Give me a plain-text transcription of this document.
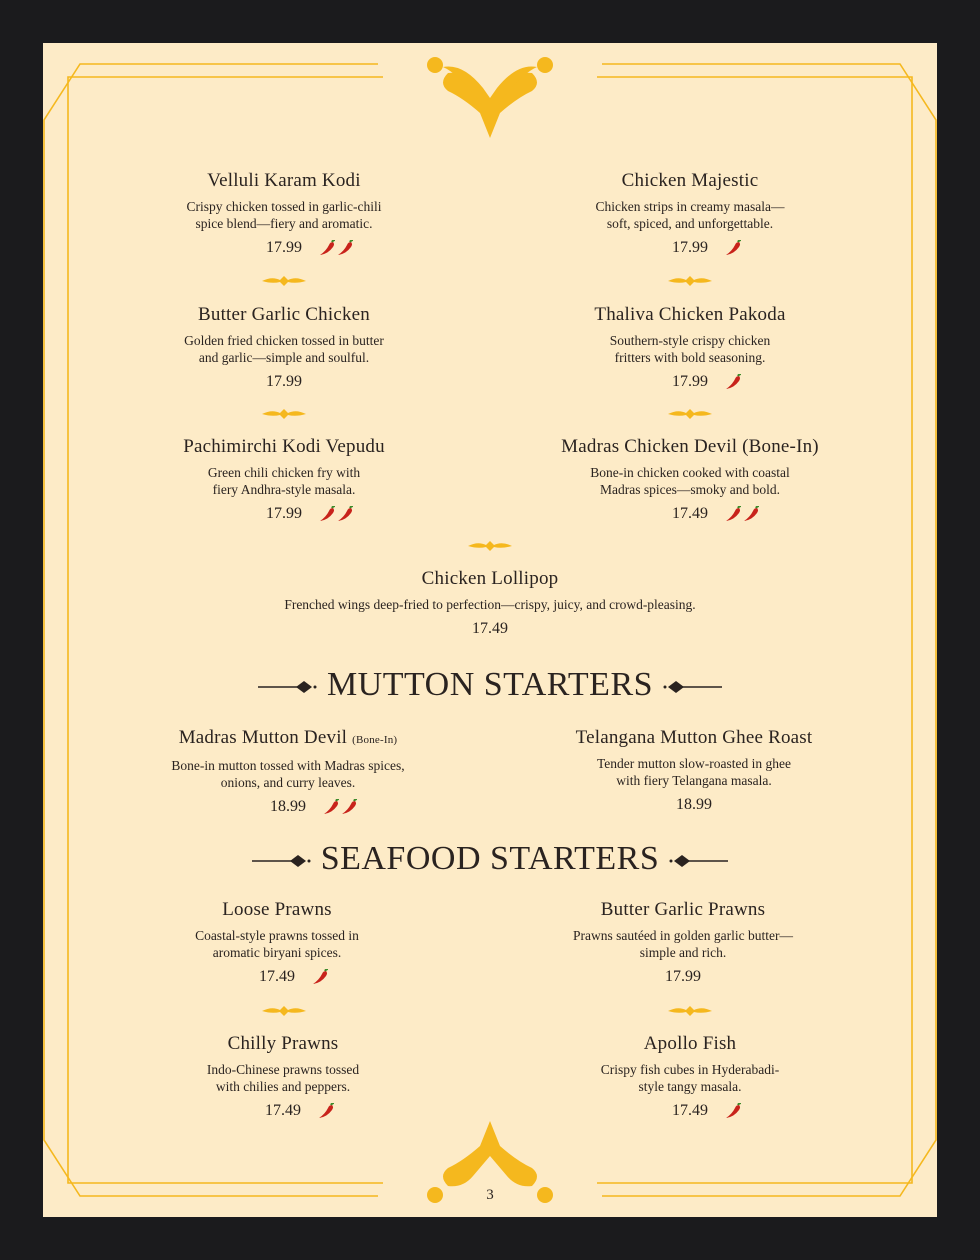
Velluli Karam Kodi
Crispy chicken tossed in garlic-chili
spice blend—fiery and aromatic.
17.99
Chicken Majestic
Chicken strips in creamy masala—
soft, spiced, and unforgettable.
17.99
Butter Garlic Chicken
Golden fried chicken tossed in butter
and garlic—simple and soulful.
17.99
Thaliva Chicken Pakoda
Southern-style crispy chicken
fritters with bold seasoning.
17.99
Pachimirchi Kodi Vepudu
Green chili chicken fry with
fiery Andhra-style masala.
17.99
Madras Chicken Devil (Bone-In)
Bone-in chicken cooked with coastal
Madras spices—smoky and bold.
17.49
Chicken Lollipop
Frenched wings deep-fried to perfection—crispy, juicy, and crowd-pleasing.
17.49
Madras Mutton Devil (Bone-In)
Bone-in mutton tossed with Madras spices,
onions, and curry leaves.
18.99
Telangana Mutton Ghee Roast
Tender mutton slow-roasted in ghee
with fiery Telangana masala.
18.99
Loose Prawns
Coastal-style prawns tossed in
aromatic biryani spices.
17.49
Butter Garlic Prawns
Prawns sautéed in golden garlic butter—
simple and rich.
17.99
Chilly Prawns
Indo-Chinese prawns tossed
with chilies and peppers.
17.49
Apollo Fish
Crispy fish cubes in Hyderabadi-
style tangy masala.
17.49
MUTTON STARTERS
SEAFOOD STARTERS
3
